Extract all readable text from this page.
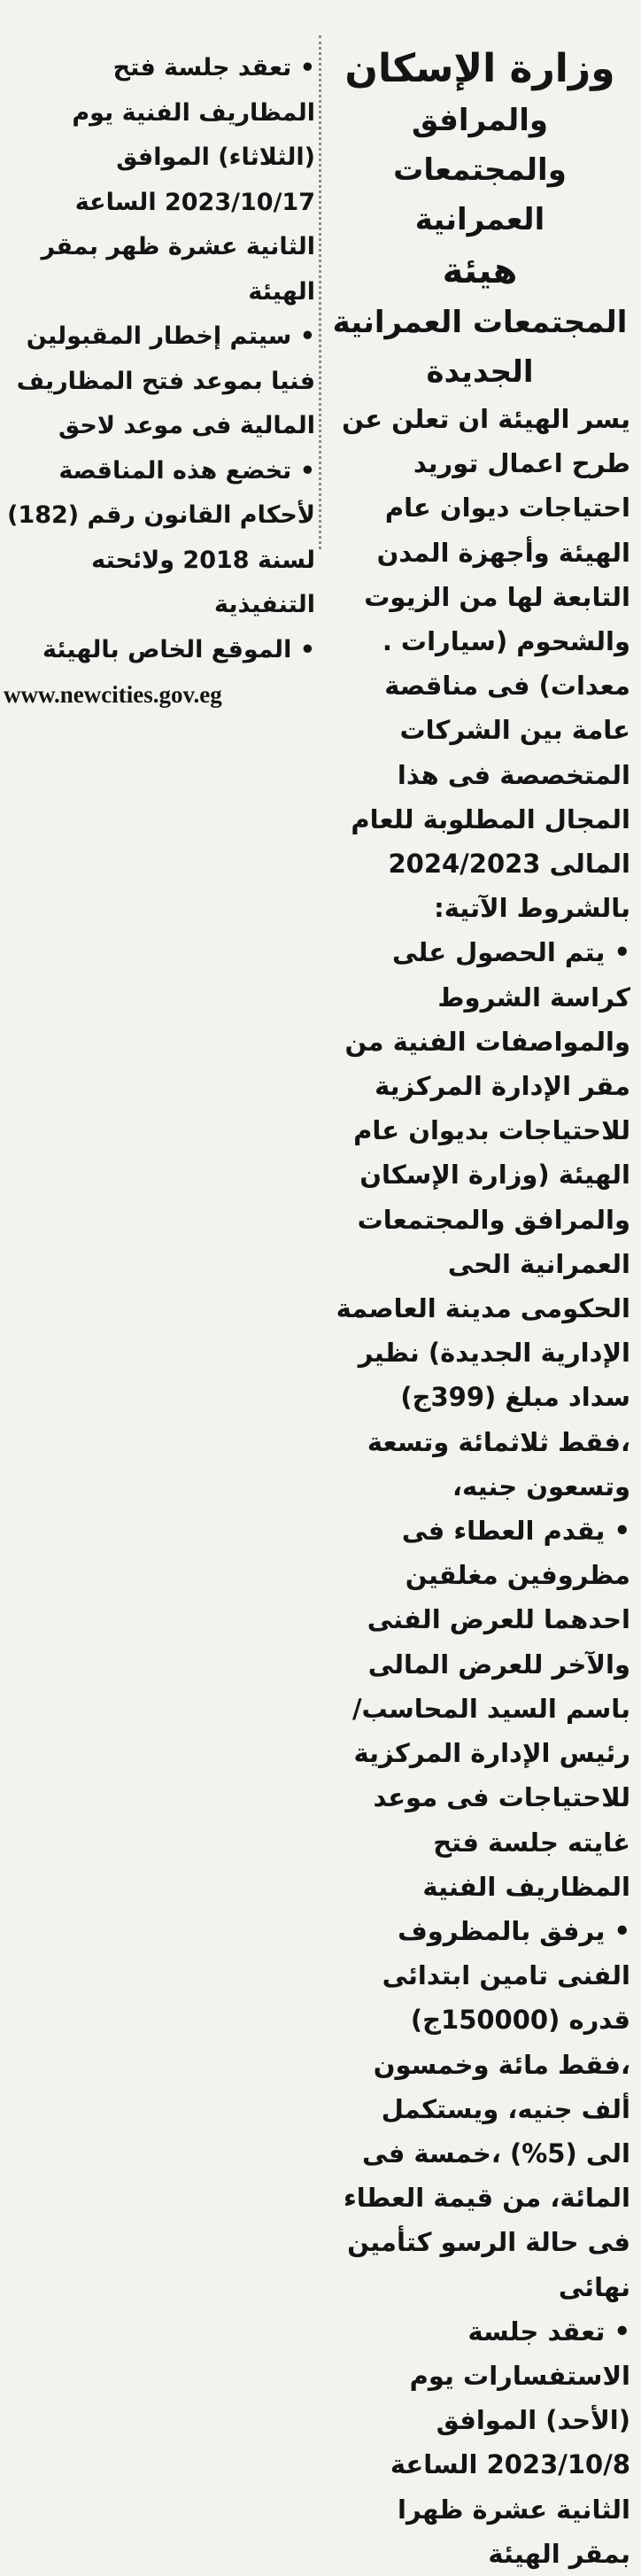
وزارة الإسكان

والمرافق والمجتمعات العمرانية

هيئة

المجتمعات العمرانية الجديدة

يسر الهيئة ان تعلن عن طرح اعمال توريد احتياجات ديوان عام الهيئة وأجهزة المدن التابعة لها من الزيوت والشحوم (سيارات . معدات) فى مناقصة عامة بين الشركات المتخصصة فى هذا المجال المطلوبة للعام المالى 2024/2023 بالشروط الآتية:

• يتم الحصول على كراسة الشروط والمواصفات الفنية من مقر الإدارة المركزية للاحتياجات بديوان عام الهيئة (وزارة الإسكان والمرافق والمجتمعات العمرانية الحى الحكومى مدينة العاصمة الإدارية الجديدة) نظير سداد مبلغ (399ج) ،فقط ثلاثمائة وتسعة وتسعون جنيه،

• يقدم العطاء فى مظروفين مغلقين احدهما للعرض الفنى والآخر للعرض المالى باسم السيد المحاسب/ رئيس الإدارة المركزية للاحتياجات فى موعد غايته جلسة فتح المظاريف الفنية

• يرفق بالمظروف الفنى تامين ابتدائى قدره (150000ج) ،فقط مائة وخمسون ألف جنيه، ويستكمل الى (5%) ،خمسة فى المائة، من قيمة العطاء فى حالة الرسو كتأمين نهائى

• تعقد جلسة الاستفسارات يوم (الأحد) الموافق 2023/10/8 الساعة الثانية عشرة ظهرا بمقر الهيئة

• تعقد جلسة فتح المظاريف الفنية يوم (الثلاثاء) الموافق 2023/10/17 الساعة الثانية عشرة ظهر بمقر الهيئة

• سيتم إخطار المقبولين فنيا بموعد فتح المظاريف المالية فى موعد لاحق

• تخضع هذه المناقصة لأحكام القانون رقم (182) لسنة 2018 ولائحته التنفيذية

• الموقع الخاص بالهيئة

www.newcities.gov.eg
